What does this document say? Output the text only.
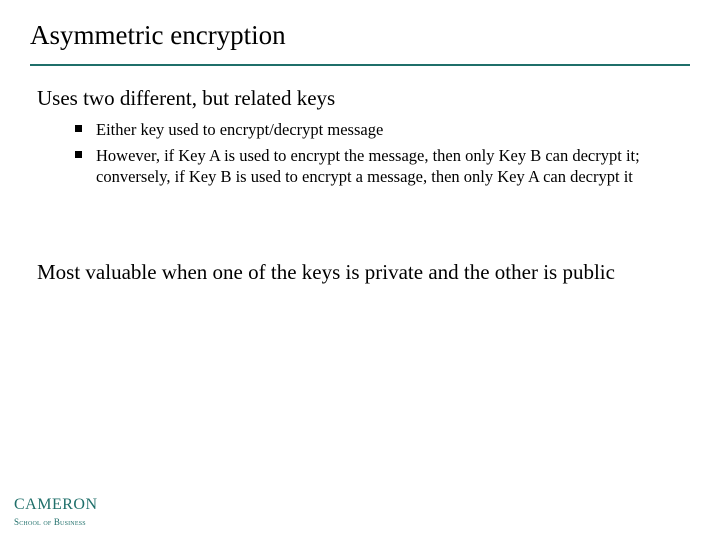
Asymmetric encryption
Uses two different, but related keys
Either key used to encrypt/decrypt message
However, if Key A is used to encrypt the message, then only Key B can decrypt it; conversely, if Key B is used to encrypt a message, then only Key A can decrypt it
Most valuable when one of the keys is private and the other is public
CAMERON
School of Business
